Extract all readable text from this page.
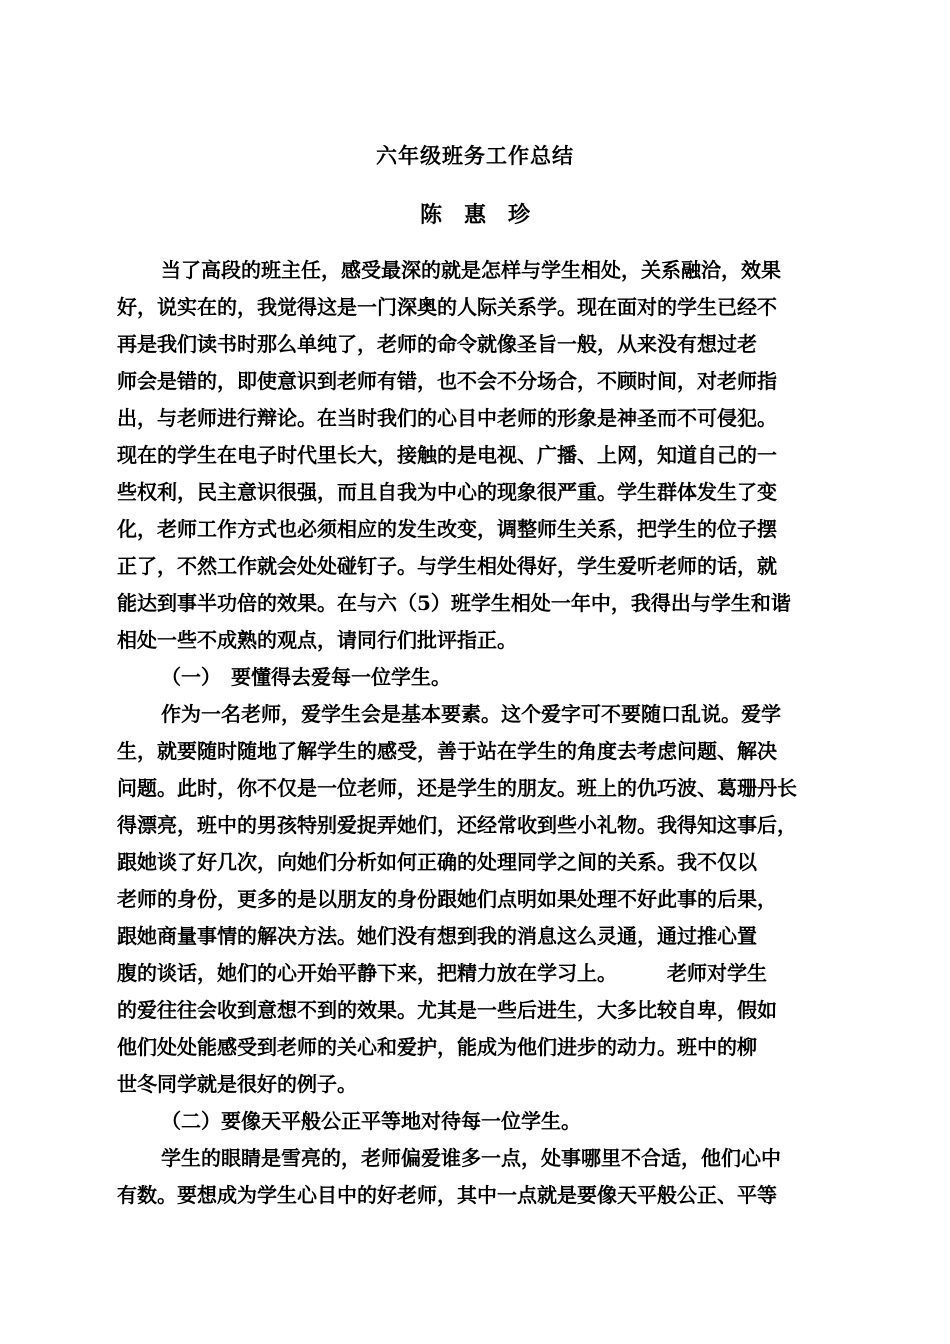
六年级班务工作总结
陈　惠　珍
当了高段的班主任，感受最深的就是怎样与学生相处，关系融洽，效果
好，说实在的，我觉得这是一门深奥的人际关系学。现在面对的学生已经不
再是我们读书时那么单纯了，老师的命令就像圣旨一般，从来没有想过老
师会是错的，即使意识到老师有错，也不会不分场合，不顾时间，对老师指
出，与老师进行辩论。在当时我们的心目中老师的形象是神圣而不可侵犯。
现在的学生在电子时代里长大，接触的是电视、广播、上网，知道自己的一
些权利，民主意识很强，而且自我为中心的现象很严重。学生群体发生了变
化，老师工作方式也必须相应的发生改变，调整师生关系，把学生的位子摆
正了，不然工作就会处处碰钉子。与学生相处得好，学生爱听老师的话，就
能达到事半功倍的效果。在与六（5）班学生相处一年中，我得出与学生和谐
相处一些不成熟的观点，请同行们批评指正。
（一）　要懂得去爱每一位学生。
作为一名老师，爱学生会是基本要素。这个爱字可不要随口乱说。爱学
生，就要随时随地了解学生的感受，善于站在学生的角度去考虑问题、解决
问题。此时，你不仅是一位老师，还是学生的朋友。班上的仇巧波、葛珊丹长
得漂亮，班中的男孩特别爱捉弄她们，还经常收到些小礼物。我得知这事后，
跟她谈了好几次，向她们分析如何正确的处理同学之间的关系。我不仅以
老师的身份，更多的是以朋友的身份跟她们点明如果处理不好此事的后果，
跟她商量事情的解决方法。她们没有想到我的消息这么灵通，通过推心置
腹的谈话，她们的心开始平静下来，把精力放在学习上。　　　老师对学生
的爱往往会收到意想不到的效果。尤其是一些后进生，大多比较自卑，假如
他们处处能感受到老师的关心和爱护，能成为他们进步的动力。班中的柳
世冬同学就是很好的例子。
（二）要像天平般公正平等地对待每一位学生。
学生的眼睛是雪亮的，老师偏爱谁多一点，处事哪里不合适，他们心中
有数。要想成为学生心目中的好老师，其中一点就是要像天平般公正、平等
